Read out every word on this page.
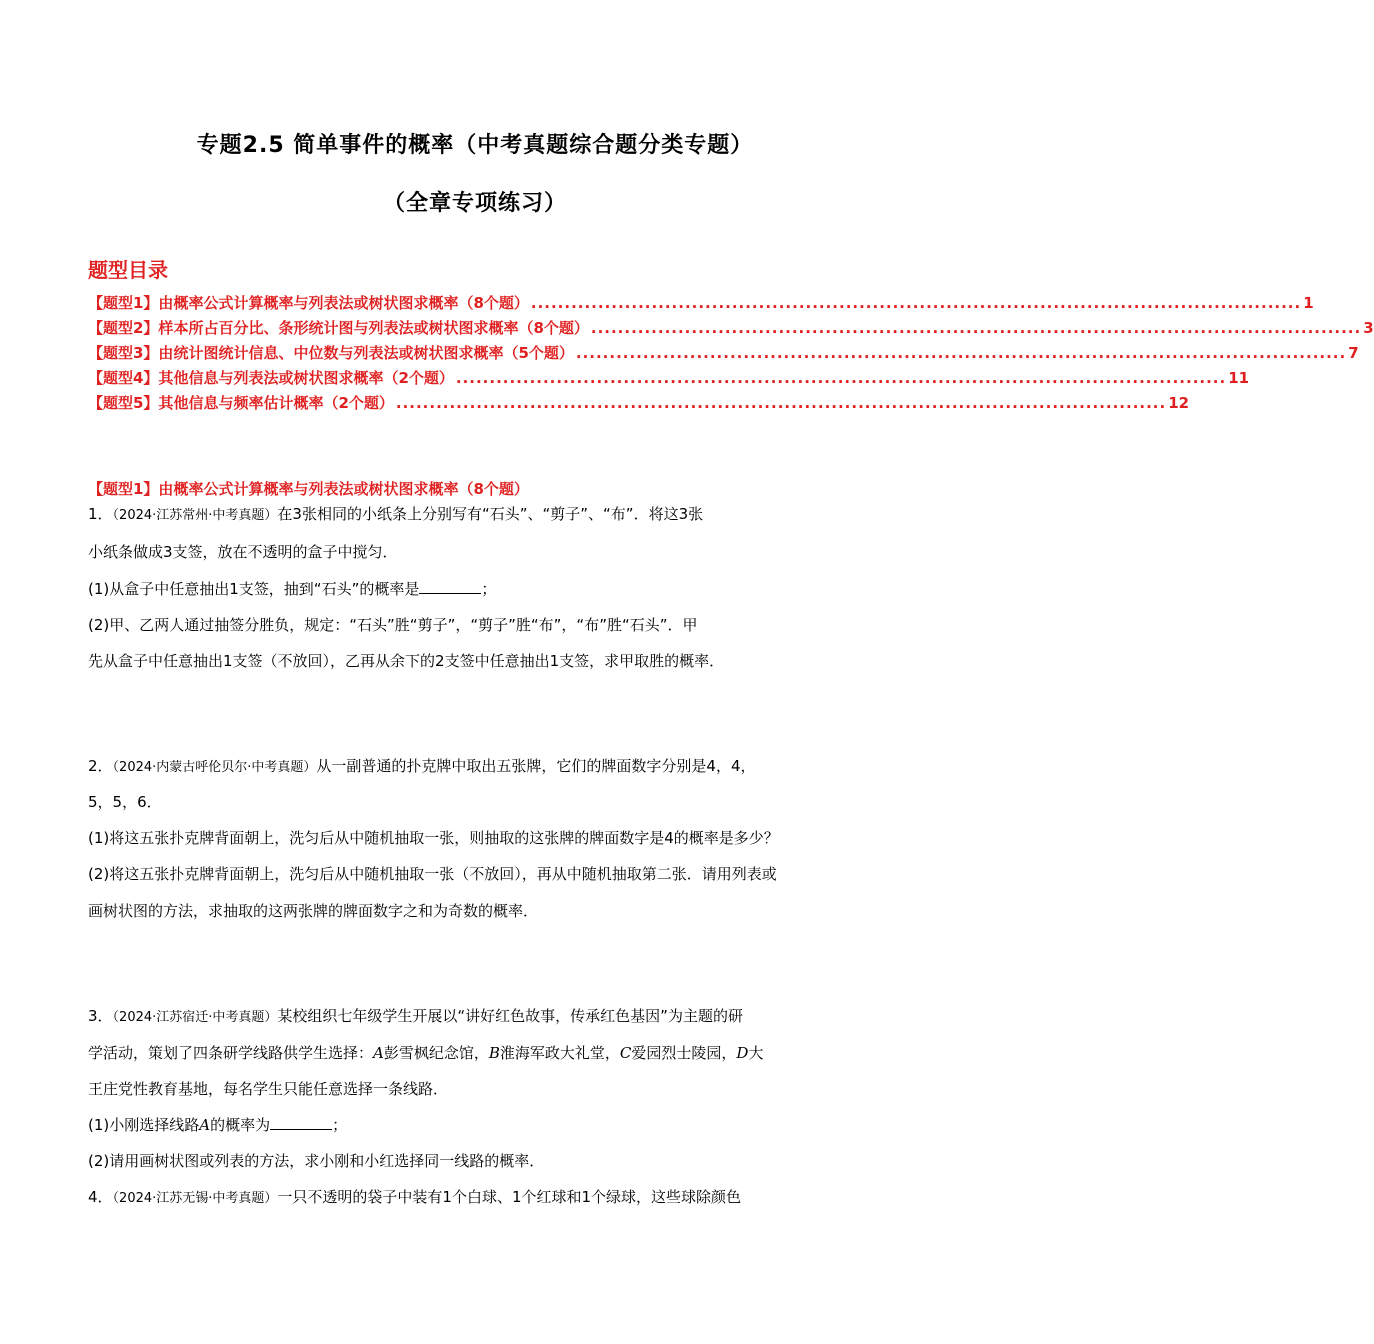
专题2.5 简单事件的概率（中考真题综合题分类专题）
（全章专项练习）
题型目录
【题型1】由概率公式计算概率与列表法或树状图求概率（8个题） ................................................................................................................... 1
【题型2】样本所占百分比、条形统计图与列表法或树状图求概率（8个题） ................................................................................................................... 3
【题型3】由统计图统计信息、中位数与列表法或树状图求概率（5个题） ................................................................................................................... 7
【题型4】其他信息与列表法或树状图求概率（2个题） ................................................................................................................... 11
【题型5】其他信息与频率估计概率（2个题） ................................................................................................................... 12
【题型1】由概率公式计算概率与列表法或树状图求概率（8个题）
1．（2024·江苏常州·中考真题）在3张相同的小纸条上分别写有“石头”、“剪子”、“布”．将这3张
小纸条做成3支签，放在不透明的盒子中搅匀．
(1)从盒子中任意抽出1支签，抽到“石头”的概率是	；
(2)甲、乙两人通过抽签分胜负，规定：“石头”胜“剪子”，“剪子”胜“布”，“布”胜“石头”．甲
先从盒子中任意抽出1支签（不放回），乙再从余下的2支签中任意抽出1支签，求甲取胜的概率．
2．（2024·内蒙古呼伦贝尔·中考真题）从一副普通的扑克牌中取出五张牌，它们的牌面数字分别是4，4，
5，5，6．
(1)将这五张扑克牌背面朝上，洗匀后从中随机抽取一张，则抽取的这张牌的牌面数字是4的概率是多少？
(2)将这五张扑克牌背面朝上，洗匀后从中随机抽取一张（不放回），再从中随机抽取第二张．请用列表或
画树状图的方法，求抽取的这两张牌的牌面数字之和为奇数的概率．
3．（2024·江苏宿迁·中考真题）某校组织七年级学生开展以“讲好红色故事，传承红色基因”为主题的研
学活动，策划了四条研学线路供学生选择：A彭雪枫纪念馆，B淮海军政大礼堂，C爱园烈士陵园，D大
王庄党性教育基地，每名学生只能任意选择一条线路．
(1)小刚选择线路A的概率为	；
(2)请用画树状图或列表的方法，求小刚和小红选择同一线路的概率．
4．（2024·江苏无锡·中考真题）一只不透明的袋子中装有1个白球、1个红球和1个绿球，这些球除颜色
